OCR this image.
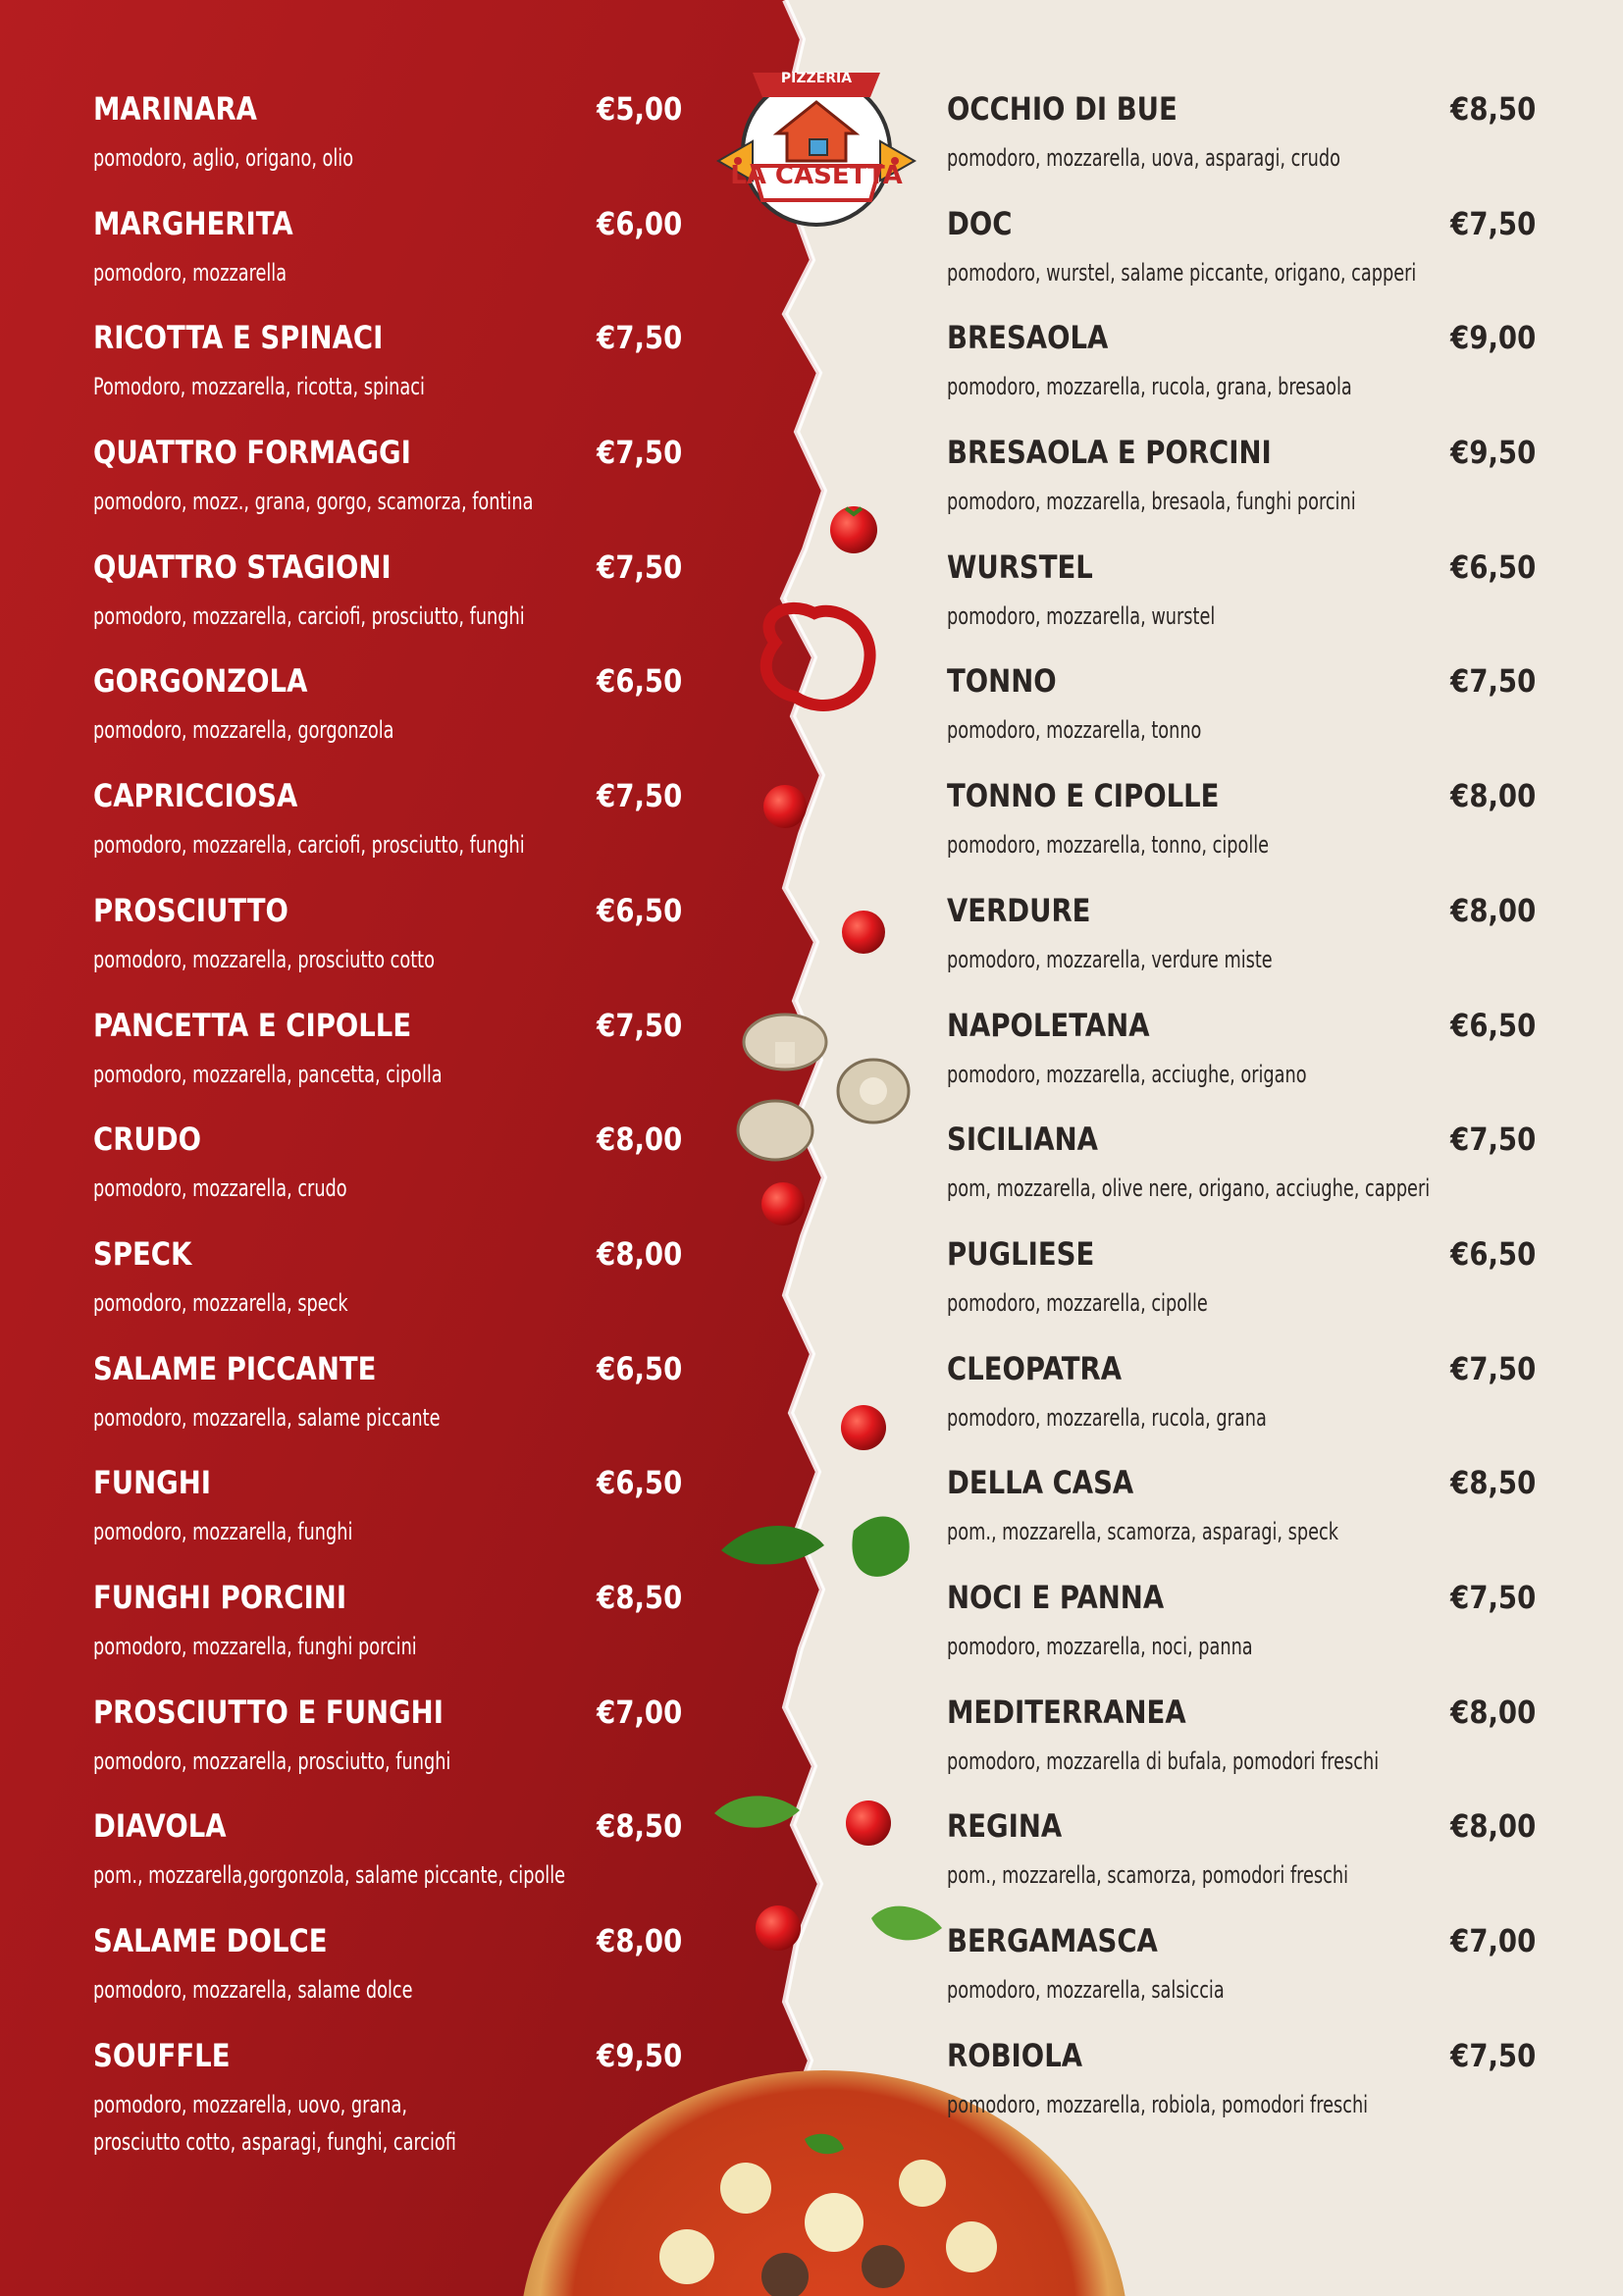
PIZZERIA
LA CASETTA
MARINARA	€5,00
pomodoro, aglio, origano, olio
MARGHERITA	€6,00
pomodoro, mozzarella
RICOTTA E SPINACI	€7,50
Pomodoro, mozzarella, ricotta, spinaci
QUATTRO FORMAGGI	€7,50
pomodoro, mozz., grana, gorgo, scamorza, fontina
QUATTRO STAGIONI	€7,50
pomodoro, mozzarella, carciofi, prosciutto, funghi
GORGONZOLA	€6,50
pomodoro, mozzarella, gorgonzola
CAPRICCIOSA	€7,50
pomodoro, mozzarella, carciofi, prosciutto, funghi
PROSCIUTTO	€6,50
pomodoro, mozzarella, prosciutto cotto
PANCETTA E CIPOLLE	€7,50
pomodoro, mozzarella, pancetta, cipolla
CRUDO	€8,00
pomodoro, mozzarella, crudo
SPECK	€8,00
pomodoro, mozzarella, speck
SALAME PICCANTE	€6,50
pomodoro, mozzarella, salame piccante
FUNGHI	€6,50
pomodoro, mozzarella, funghi
FUNGHI PORCINI	€8,50
pomodoro, mozzarella, funghi porcini
PROSCIUTTO E FUNGHI	€7,00
pomodoro, mozzarella, prosciutto, funghi
DIAVOLA	€8,50
pom., mozzarella,gorgonzola, salame piccante, cipolle
SALAME DOLCE	€8,00
pomodoro, mozzarella, salame dolce
SOUFFLE	€9,50
pomodoro, mozzarella, uovo, grana,
prosciutto cotto, asparagi, funghi, carciofi
OCCHIO DI BUE	€8,50
pomodoro, mozzarella, uova, asparagi, crudo
DOC	€7,50
pomodoro, wurstel, salame piccante, origano, capperi
BRESAOLA	€9,00
pomodoro, mozzarella, rucola, grana, bresaola
BRESAOLA E PORCINI	€9,50
pomodoro, mozzarella, bresaola, funghi porcini
WURSTEL	€6,50
pomodoro, mozzarella, wurstel
TONNO	€7,50
pomodoro, mozzarella, tonno
TONNO E CIPOLLE	€8,00
pomodoro, mozzarella, tonno, cipolle
VERDURE	€8,00
pomodoro, mozzarella, verdure miste
NAPOLETANA	€6,50
pomodoro, mozzarella, acciughe, origano
SICILIANA	€7,50
pom, mozzarella, olive nere, origano, acciughe, capperi
PUGLIESE	€6,50
pomodoro, mozzarella, cipolle
CLEOPATRA	€7,50
pomodoro, mozzarella, rucola, grana
DELLA CASA	€8,50
pom., mozzarella, scamorza, asparagi, speck
NOCI E PANNA	€7,50
pomodoro, mozzarella, noci, panna
MEDITERRANEA	€8,00
pomodoro, mozzarella di bufala, pomodori freschi
REGINA	€8,00
pom., mozzarella, scamorza, pomodori freschi
BERGAMASCA	€7,00
pomodoro, mozzarella, salsiccia
ROBIOLA	€7,50
pomodoro, mozzarella, robiola, pomodori freschi
